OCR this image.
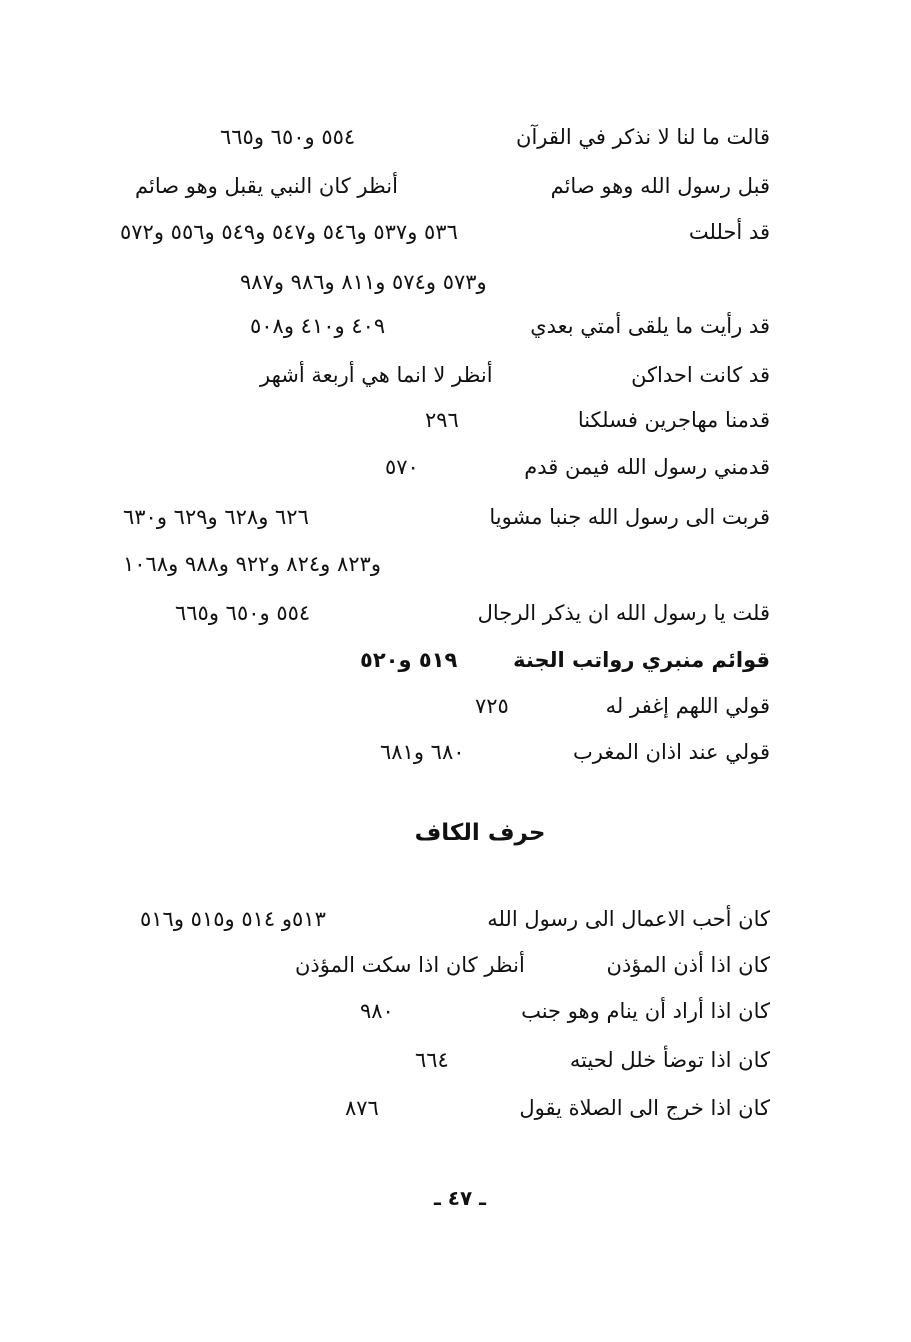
قالت ما لنا لا نذكر في القرآن
٥٥٤ و٦٥٠ و٦٦٥
قبل رسول الله وهو صائم
أنظر كان النبي يقبل وهو صائم
قد أحللت
٥٣٦ و٥٣٧ و٥٤٦ و٥٤٧ و٥٤٩ و٥٥٦ و٥٧٢
و٥٧٣ و٥٧٤ و٨١١ و٩٨٦ و٩٨٧
قد رأيت ما يلقى أمتي بعدي
٤٠٩ و٤١٠ و٥٠٨
قد كانت احداكن
أنظر لا انما هي أربعة أشهر
قدمنا مهاجرين فسلكنا
٢٩٦
قدمني رسول الله فيمن قدم
٥٧٠
قربت الى رسول الله جنبا مشويا
٦٢٦ و٦٢٨ و٦٢٩ و٦٣٠
و٨٢٣ و٨٢٤ و٩٢٢ و٩٨٨ و١٠٦٨
قلت يا رسول الله ان يذكر الرجال
٥٥٤ و٦٥٠ و٦٦٥
قوائم منبري رواتب الجنة
٥١٩ و٥٢٠
قولي اللهم إغفر له
٧٢٥
قولي عند اذان المغرب
٦٨٠ و٦٨١
حرف الكاف
كان أحب الاعمال الى رسول الله
٥١٣و ٥١٤ و٥١٥ و٥١٦
كان اذا أذن المؤذن
أنظر كان اذا سكت المؤذن
كان اذا أراد أن ينام وهو جنب
٩٨٠
كان اذا توضأ خلل لحيته
٦٦٤
كان اذا خرج الى الصلاة يقول
٨٧٦
ـ ٤٧ ـ
